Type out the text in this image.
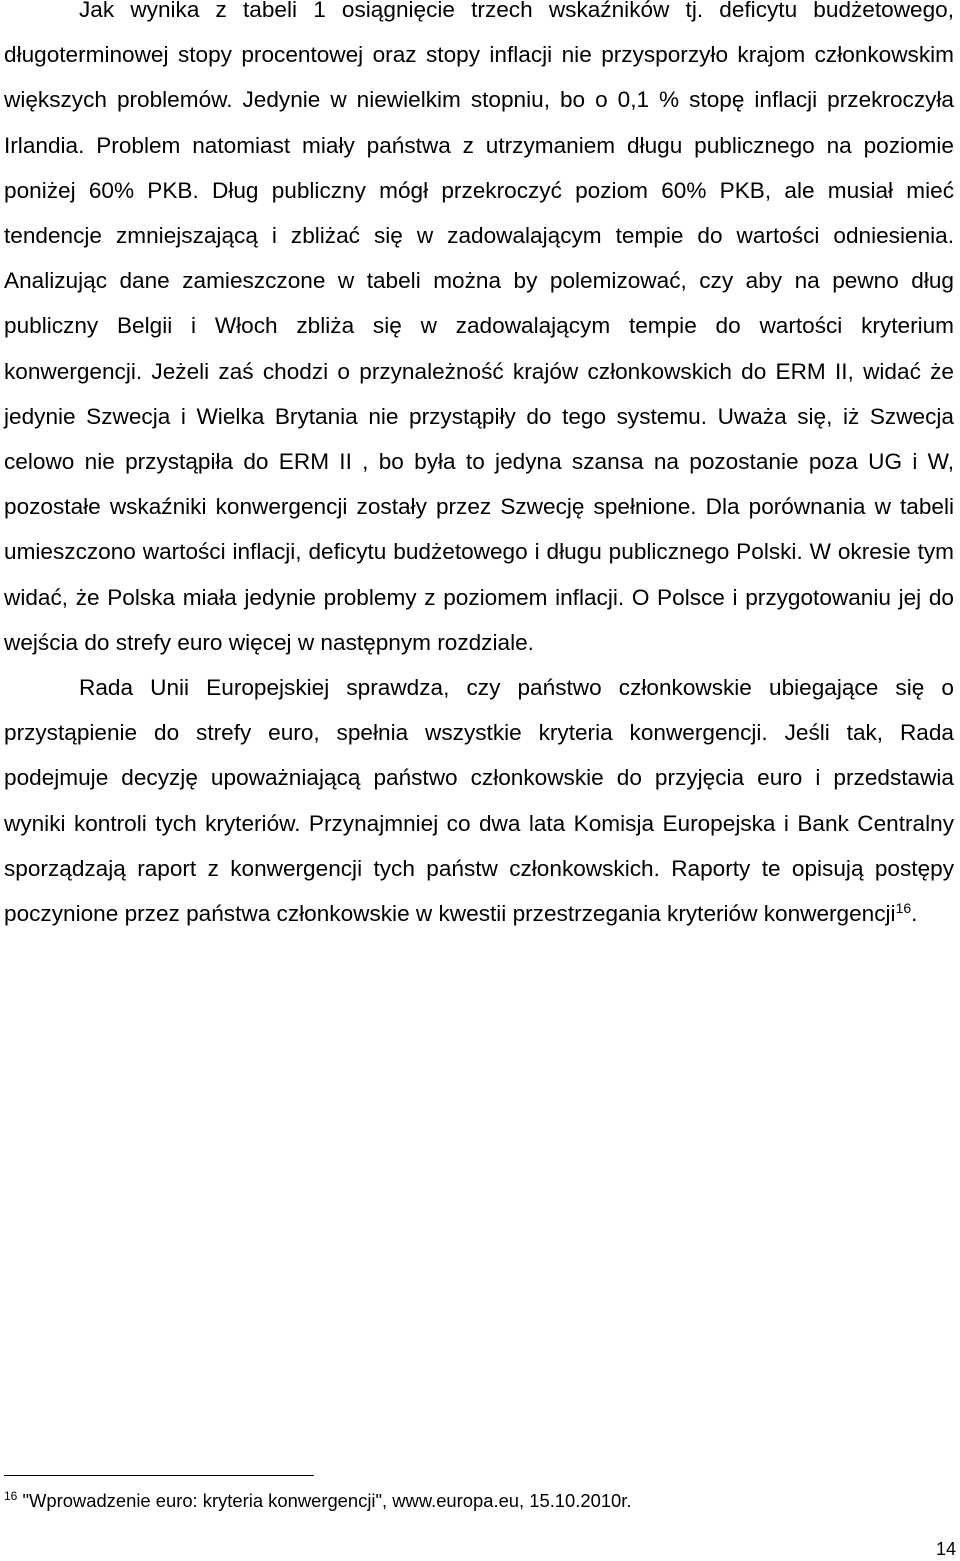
Jak wynika z tabeli 1 osiągnięcie trzech wskaźników tj. deficytu budżetowego, długoterminowej stopy procentowej oraz stopy inflacji nie przysporzyło krajom członkowskim większych problemów. Jedynie w niewielkim stopniu, bo o 0,1 % stopę inflacji przekroczyła Irlandia. Problem natomiast miały państwa z utrzymaniem długu publicznego na poziomie poniżej 60% PKB. Dług publiczny mógł przekroczyć poziom 60% PKB, ale musiał mieć tendencje zmniejszającą i zbliżać się w zadowalającym tempie do wartości odniesienia. Analizując dane zamieszczone w tabeli można by polemizować, czy aby na pewno dług publiczny Belgii i Włoch zbliża się w zadowalającym tempie do wartości kryterium konwergencji. Jeżeli zaś chodzi o przynależność krajów członkowskich do ERM II, widać że jedynie Szwecja i Wielka Brytania nie przystąpiły do tego systemu. Uważa się, iż Szwecja celowo nie przystąpiła do ERM II , bo była to jedyna szansa na pozostanie poza UG i W, pozostałe wskaźniki konwergencji zostały przez Szwecję spełnione. Dla porównania w tabeli umieszczono wartości inflacji, deficytu budżetowego i długu publicznego Polski. W okresie tym widać, że Polska miała jedynie problemy z poziomem inflacji. O Polsce i przygotowaniu jej do wejścia do strefy euro więcej w następnym rozdziale.

Rada Unii Europejskiej sprawdza, czy państwo członkowskie ubiegające się o przystąpienie do strefy euro, spełnia wszystkie kryteria konwergencji. Jeśli tak, Rada podejmuje decyzję upoważniającą państwo członkowskie do przyjęcia euro i przedstawia wyniki kontroli tych kryteriów. Przynajmniej co dwa lata Komisja Europejska i Bank Centralny sporządzają raport z konwergencji tych państw członkowskich. Raporty te opisują postępy poczynione przez państwa członkowskie w kwestii przestrzegania kryteriów konwergencji$^{16}$.

$^{16}$ "Wprowadzenie euro: kryteria konwergencji", www.europa.eu, 15.10.2010r.
14
